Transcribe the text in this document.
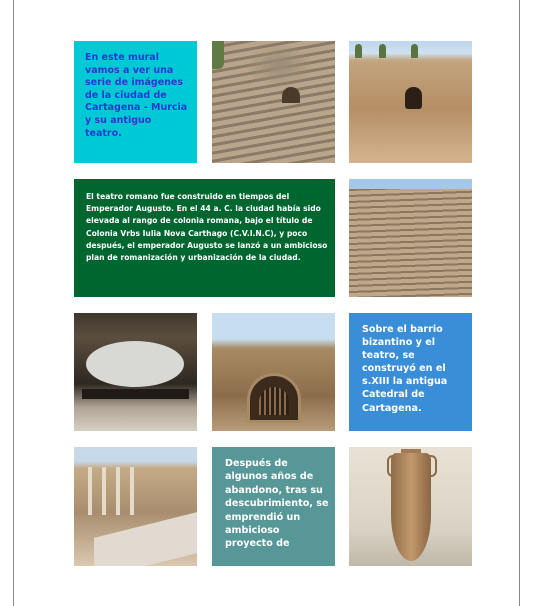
En este mural vamos a ver una serie de imágenes de la ciudad de Cartagena - Murcia y su antiguo teatro.
El teatro romano fue construido en tiempos del Emperador Augusto. En el 44 a. C. la ciudad había sido elevada al rango de colonia romana, bajo el título de Colonia Vrbs Iulia Nova Carthago (C.V.I.N.C), y poco después, el emperador Augusto se lanzó a un ambicioso plan de romanización y urbanización de la ciudad.
Sobre el barrio bizantino y el teatro, se construyó en el s.XIII la antigua Catedral de Cartagena.
Después de algunos años de abandono, tras su descubrimiento, se emprendió un ambicioso proyecto de
